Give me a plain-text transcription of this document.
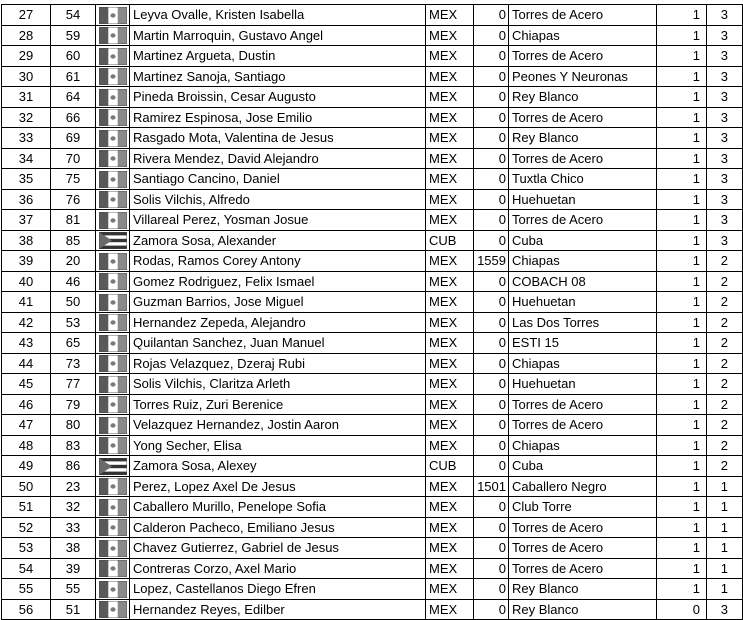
27	54		Leyva Ovalle, Kristen Isabella	MEX	0	Torres de Acero	1	3
28	59		Martin Marroquin, Gustavo Angel	MEX	0	Chiapas	1	3
29	60		Martinez Argueta, Dustin	MEX	0	Torres de Acero	1	3
30	61		Martinez Sanoja, Santiago	MEX	0	Peones Y Neuronas	1	3
31	64		Pineda Broissin, Cesar Augusto	MEX	0	Rey Blanco	1	3
32	66		Ramirez Espinosa, Jose Emilio	MEX	0	Torres de Acero	1	3
33	69		Rasgado Mota, Valentina de Jesus	MEX	0	Rey Blanco	1	3
34	70		Rivera Mendez, David Alejandro	MEX	0	Torres de Acero	1	3
35	75		Santiago Cancino, Daniel	MEX	0	Tuxtla Chico	1	3
36	76		Solis Vilchis, Alfredo	MEX	0	Huehuetan	1	3
37	81		Villareal Perez, Yosman Josue	MEX	0	Torres de Acero	1	3
38	85		Zamora Sosa, Alexander	CUB	0	Cuba	1	3
39	20		Rodas, Ramos Corey Antony	MEX	1559	Chiapas	1	2
40	46		Gomez Rodriguez, Felix Ismael	MEX	0	COBACH 08	1	2
41	50		Guzman Barrios, Jose Miguel	MEX	0	Huehuetan	1	2
42	53		Hernandez Zepeda, Alejandro	MEX	0	Las Dos Torres	1	2
43	65		Quilantan Sanchez, Juan Manuel	MEX	0	ESTI 15	1	2
44	73		Rojas Velazquez, Dzeraj Rubi	MEX	0	Chiapas	1	2
45	77		Solis Vilchis, Claritza Arleth	MEX	0	Huehuetan	1	2
46	79		Torres Ruiz, Zuri Berenice	MEX	0	Torres de Acero	1	2
47	80		Velazquez Hernandez, Jostin Aaron	MEX	0	Torres de Acero	1	2
48	83		Yong Secher, Elisa	MEX	0	Chiapas	1	2
49	86		Zamora Sosa, Alexey	CUB	0	Cuba	1	2
50	23		Perez, Lopez Axel De Jesus	MEX	1501	Caballero Negro	1	1
51	32		Caballero Murillo, Penelope Sofia	MEX	0	Club Torre	1	1
52	33		Calderon Pacheco, Emiliano Jesus	MEX	0	Torres de Acero	1	1
53	38		Chavez Gutierrez, Gabriel de Jesus	MEX	0	Torres de Acero	1	1
54	39		Contreras Corzo, Axel Mario	MEX	0	Torres de Acero	1	1
55	55		Lopez, Castellanos Diego Efren	MEX	0	Rey Blanco	1	1
56	51		Hernandez Reyes, Edilber	MEX	0	Rey Blanco	0	3
